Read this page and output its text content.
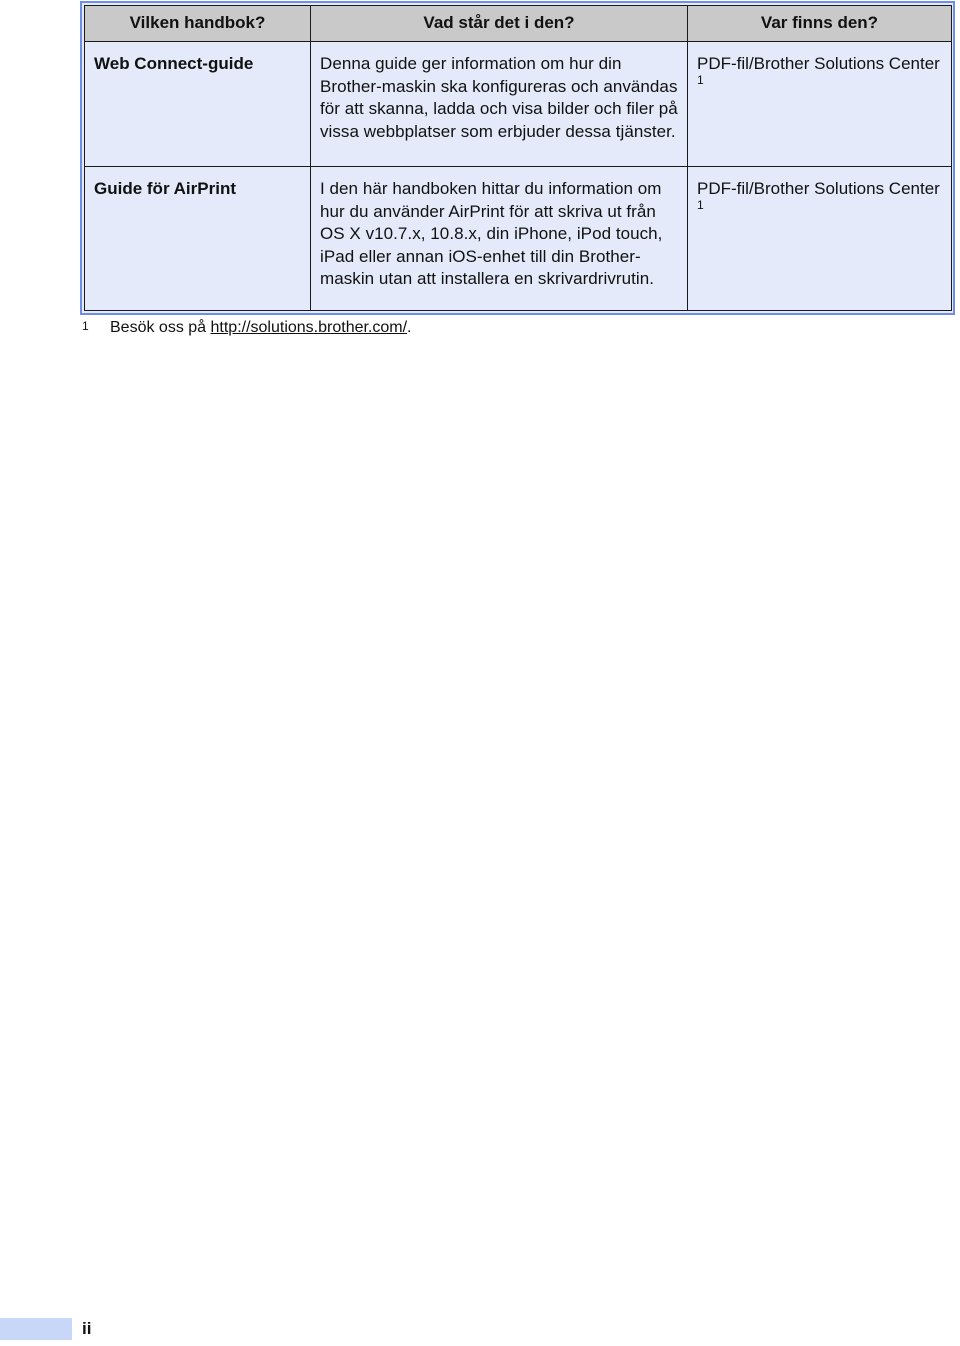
Vilken handbok?	Vad står det i den?	Var finns den?
Web Connect-guide	Denna guide ger information om hur din Brother-maskin ska konfigureras och användas för att skanna, ladda och visa bilder och filer på vissa webbplatser som erbjuder dessa tjänster.	PDF-fil/Brother Solutions Center $^1$
Guide för AirPrint	I den här handboken hittar du information om hur du använder AirPrint för att skriva ut från OS X v10.7.x, 10.8.x, din iPhone, iPod touch, iPad eller annan iOS-enhet till din Brother-maskin utan att installera en skrivardrivrutin.	PDF-fil/Brother Solutions Center $^1$
1 Besök oss på http://solutions.brother.com/.
ii
